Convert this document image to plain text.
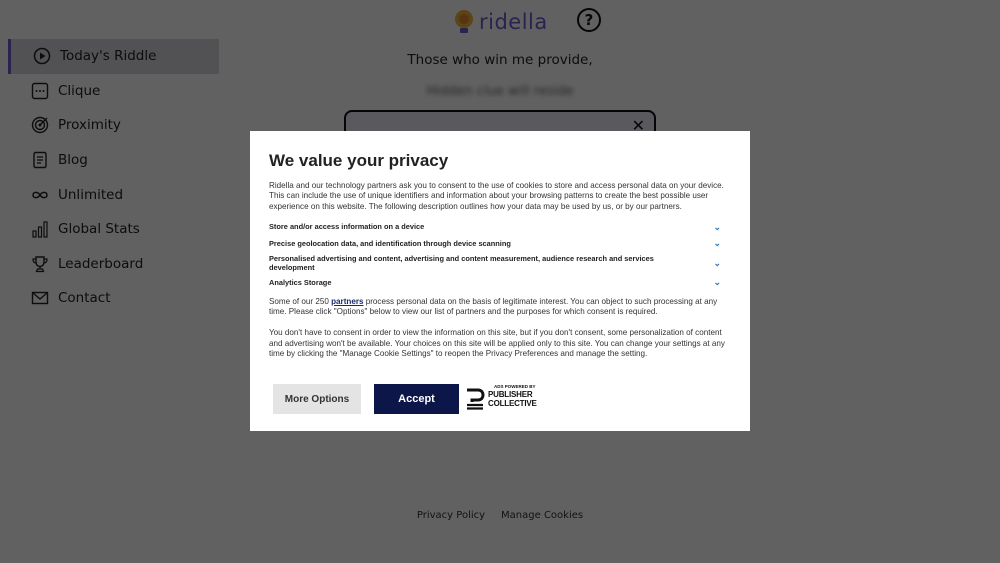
We value your privacy
Ridella and our technology partners ask you to consent to the use of cookies to store and access personal data on your device. This can include the use of unique identifiers and information about your browsing patterns to create the best possible user experience on this website. The following description outlines how your data may be used by us, or by our partners.
Store and/or access information on a device	⌄
Precise geolocation data, and identification through device scanning	⌄
Personalised advertising and content, advertising and content measurement, audience research and services development	⌄
Analytics Storage	⌄
Some of our 250 partners process personal data on the basis of legitimate interest. You can object to such processing at any time. Please click "Options" below to view our list of partners and the purposes for which consent is required.
You don't have to consent in order to view the information on this site, but if you don't consent, some personalization of content and advertising won't be available. Your choices on this site will be applied only to this site. You can change your settings at any time by clicking the "Manage Cookie Settings" to reopen the Privacy Preferences and manage the setting.
More Options	Accept	PUBLISHER
COLLECTIVE
ADS POWERED BY
